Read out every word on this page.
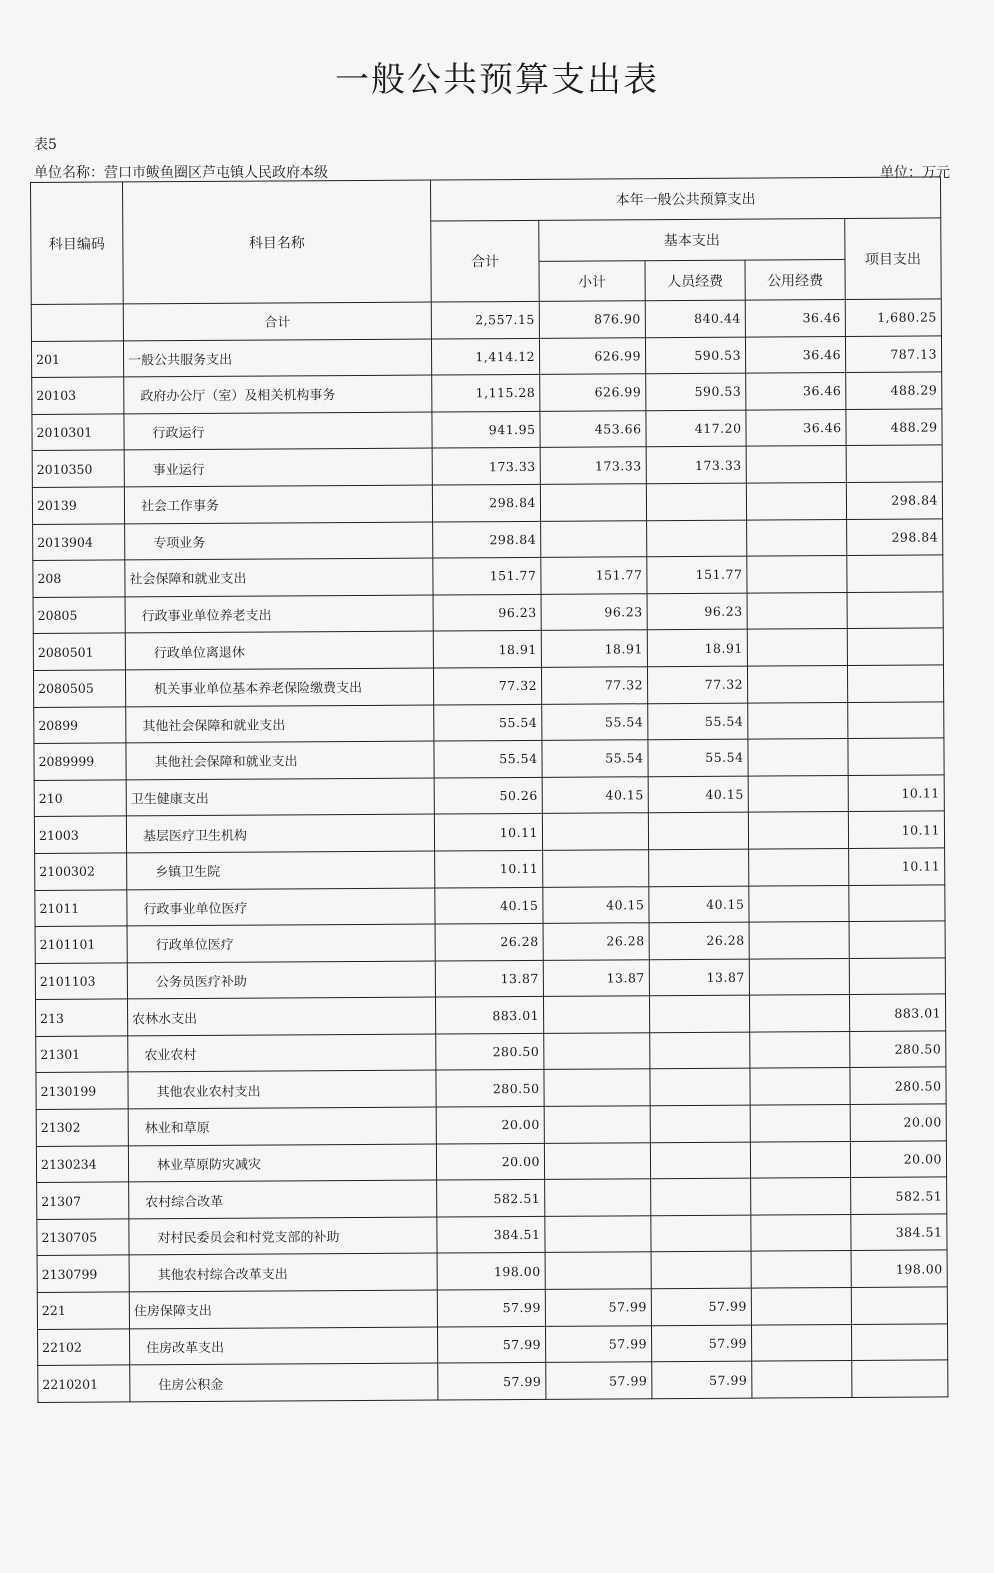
一般公共预算支出表
表5
单位名称：营口市鲅鱼圈区芦屯镇人民政府本级	单位：万元
科目编码	科目名称	本年一般公共预算支出				
		合计	基本支出			项目支出
			小计	人员经费	公用经费	
	合计	2,557.15	876.90	840.44	36.46	1,680.25
201	一般公共服务支出	1,414.12	626.99	590.53	36.46	787.13
20103	政府办公厅（室）及相关机构事务	1,115.28	626.99	590.53	36.46	488.29
2010301	行政运行	941.95	453.66	417.20	36.46	488.29
2010350	事业运行	173.33	173.33	173.33		
20139	社会工作事务	298.84				298.84
2013904	专项业务	298.84				298.84
208	社会保障和就业支出	151.77	151.77	151.77		
20805	行政事业单位养老支出	96.23	96.23	96.23		
2080501	行政单位离退休	18.91	18.91	18.91		
2080505	机关事业单位基本养老保险缴费支出	77.32	77.32	77.32		
20899	其他社会保障和就业支出	55.54	55.54	55.54		
2089999	其他社会保障和就业支出	55.54	55.54	55.54		
210	卫生健康支出	50.26	40.15	40.15		10.11
21003	基层医疗卫生机构	10.11				10.11
2100302	乡镇卫生院	10.11				10.11
21011	行政事业单位医疗	40.15	40.15	40.15		
2101101	行政单位医疗	26.28	26.28	26.28		
2101103	公务员医疗补助	13.87	13.87	13.87		
213	农林水支出	883.01				883.01
21301	农业农村	280.50				280.50
2130199	其他农业农村支出	280.50				280.50
21302	林业和草原	20.00				20.00
2130234	林业草原防灾减灾	20.00				20.00
21307	农村综合改革	582.51				582.51
2130705	对村民委员会和村党支部的补助	384.51				384.51
2130799	其他农村综合改革支出	198.00				198.00
221	住房保障支出	57.99	57.99	57.99		
22102	住房改革支出	57.99	57.99	57.99		
2210201	住房公积金	57.99	57.99	57.99		
